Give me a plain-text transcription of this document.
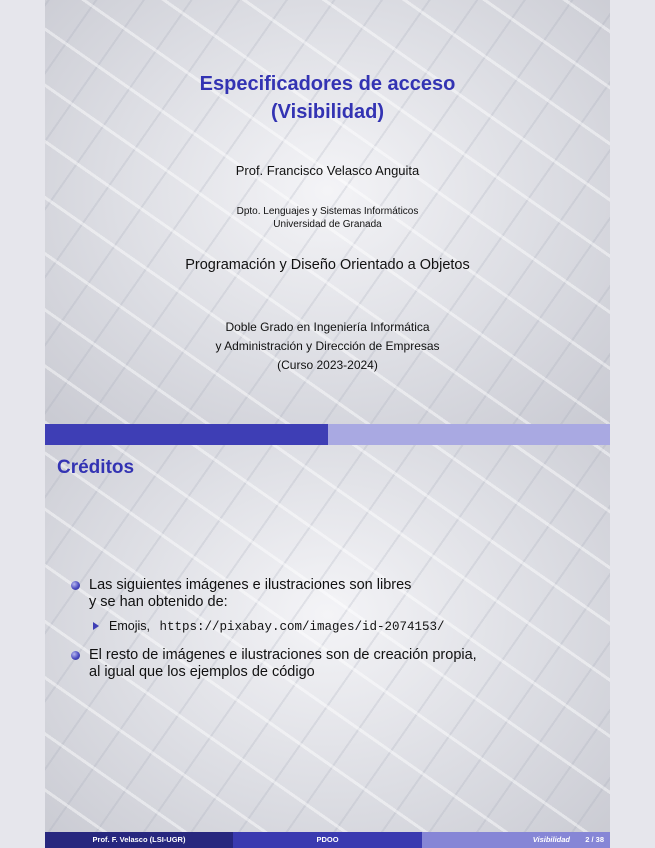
Especificadores de acceso
(Visibilidad)
Prof. Francisco Velasco Anguita
Dpto. Lenguajes y Sistemas Informáticos
Universidad de Granada
Programación y Diseño Orientado a Objetos
Doble Grado en Ingeniería Informática
y Administración y Dirección de Empresas
(Curso 2023-2024)
Créditos
Las siguientes imágenes e ilustraciones son libres
y se han obtenido de:
Emojis, https://pixabay.com/images/id-2074153/
El resto de imágenes e ilustraciones son de creación propia,
al igual que los ejemplos de código
Prof. F. Velasco (LSI-UGR)	PDOO	Visibilidad 2 / 38
